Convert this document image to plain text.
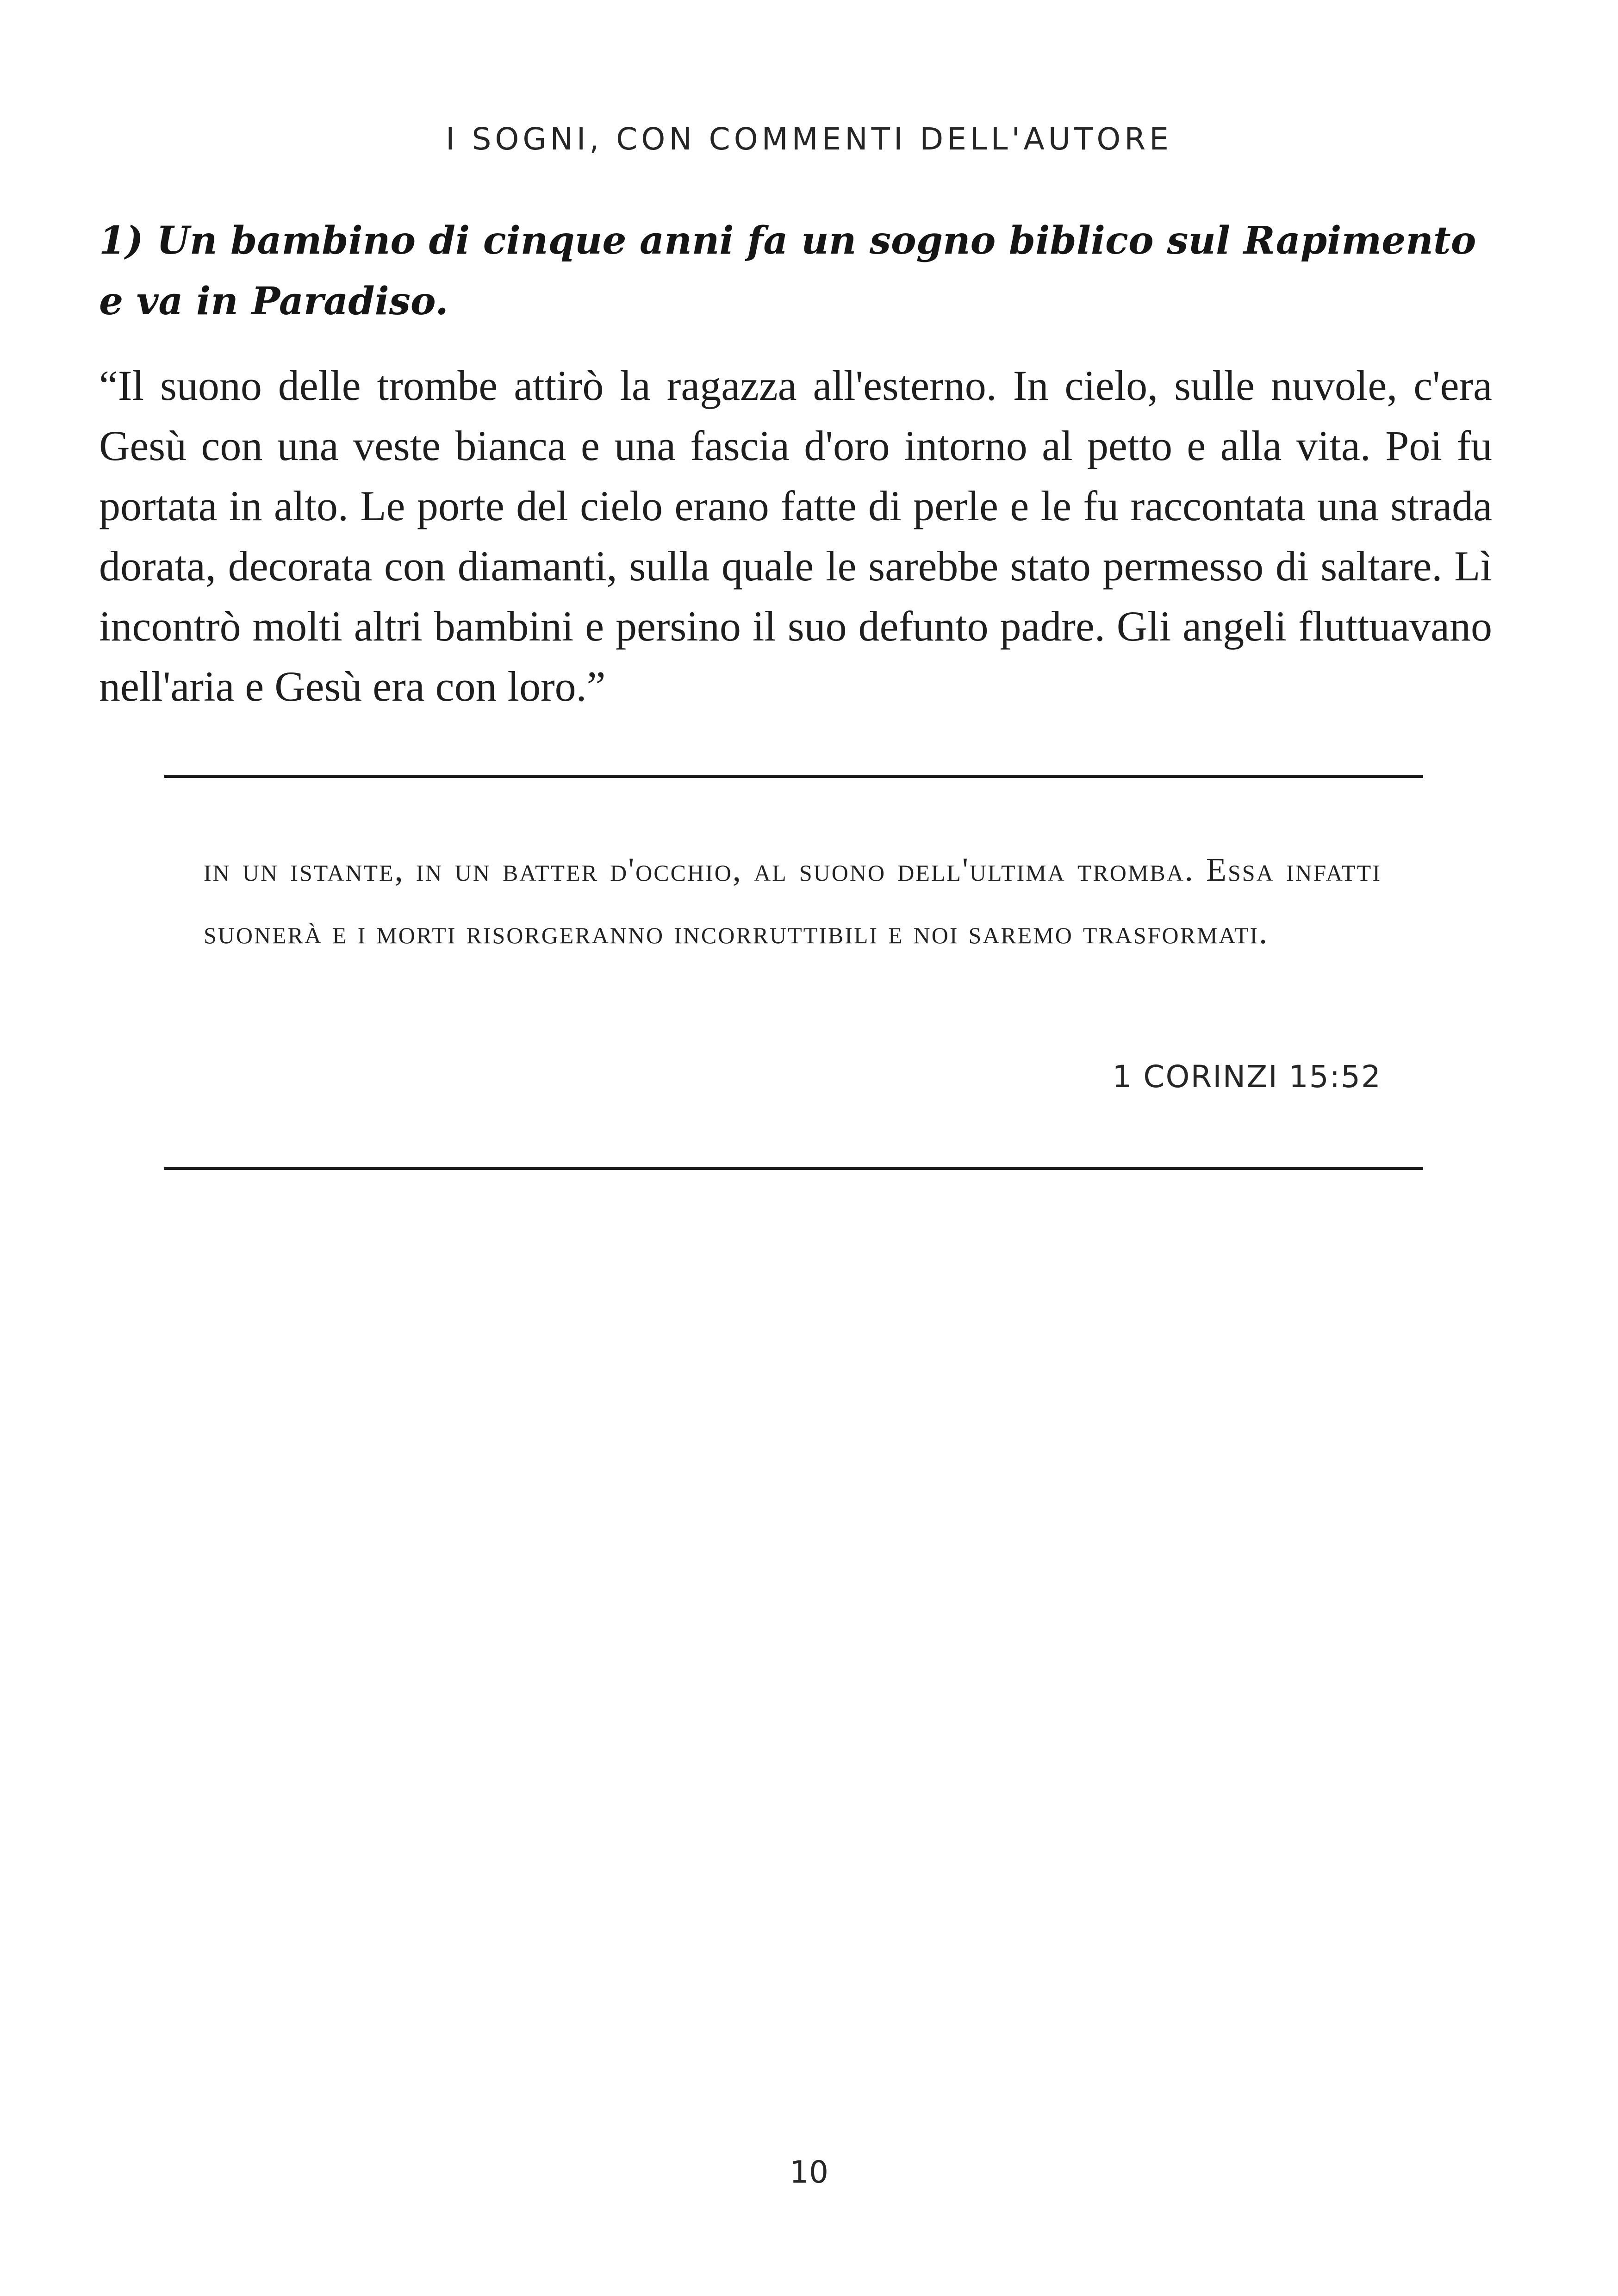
I SOGNI, CON COMMENTI DELL'AUTORE
1) Un bambino di cinque anni fa un sogno biblico sul Rapimento e va in Paradiso.

“Il suono delle trombe attirò la ragazza all'esterno. In cielo, sulle nuvole, c'era Gesù con una veste bianca e una fascia d'oro intorno al petto e alla vita. Poi fu portata in alto. Le porte del cielo erano fatte di perle e le fu raccontata una strada dorata, decorata con diamanti, sulla quale le sarebbe stato permesso di saltare. Lì incontrò molti altri bambini e persino il suo defunto padre. Gli angeli fluttuavano nell'aria e Gesù era con loro.”

in un istante, in un batter d'occhio, al suono dell'ultima tromba. Essa infatti suonerà e i morti risorgeranno incorruttibili e noi saremo trasformati.

1 CORINZI 15:52
10
